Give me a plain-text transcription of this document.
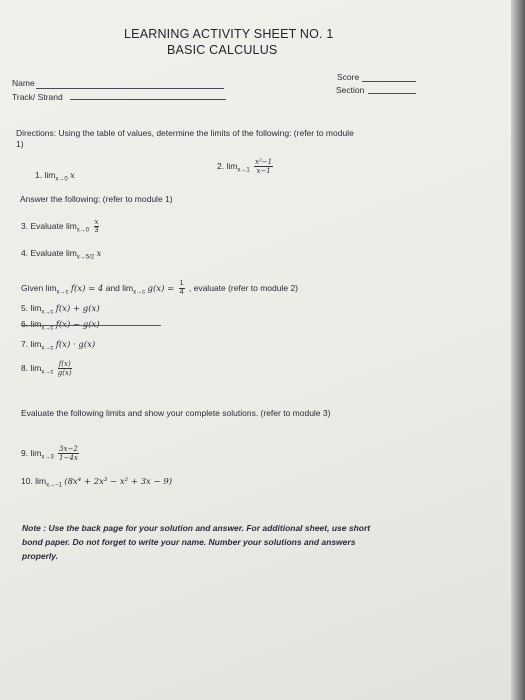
LEARNING ACTIVITY SHEET NO. 1
BASIC CALCULUS
Name
Track/ Strand
Score
Section
Directions: Using the table of values, determine the limits of the following: (refer to module
1)
1. $\lim_{x\to 0} x$
2. $\lim_{x\to 1} \frac{\text{x²−1}}{x-1}$
Answer the following: (refer to module 1)
3. Evaluate $\lim_{x\to 0} \frac{x}{3}$
4. Evaluate $\lim_{x\to 5/2} x$
Given $\lim_{x\to c} f(x) = 4$ and $\lim_{x\to c} g(x) = \frac{1}{4}$ , evaluate (refer to module 2)
5. $\lim_{x\to c} f(x) + g(x)$
6. $\lim_{x\to c} f(x) - g(x)$
7. $\lim_{x\to c} f(x) \cdot g(x)$
8. $\lim_{x\to c} \frac{f(x)}{g(x)}$
Evaluate the following limits and show your complete solutions. (refer to module 3)
9. $\lim_{x\to 3} \frac{3x-2}{1-4x}$
10. $\lim_{x\to-1} (8x^4 + 2x^3 - x^2 + 3x - 9)$
Note : Use the back page for your solution and answer. For additional sheet, use short
bond paper. Do not forget to write your name. Number your solutions and answers
properly.
